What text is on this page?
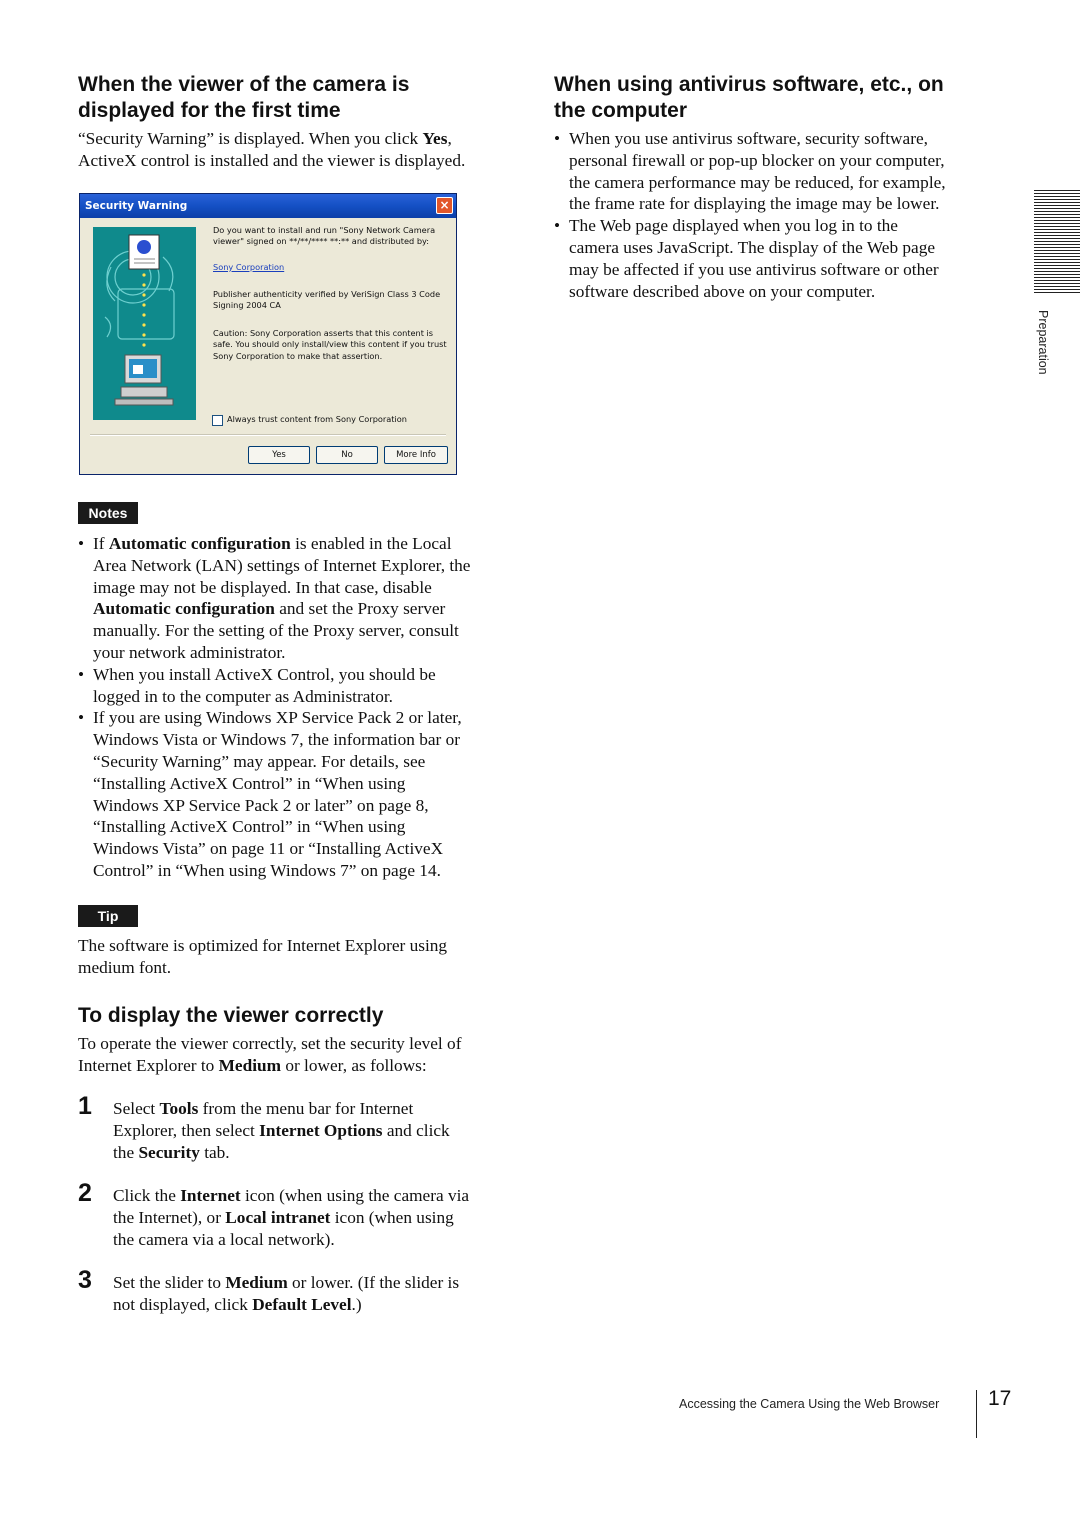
When the viewer of the camera is

displayed for the first time

“Security Warning” is displayed. When you click Yes,
ActiveX control is installed and the viewer is displayed.
Security Warning	×
Do you want to install and run "Sony Network Camera viewer" signed on **/**/**** **:** and distributed by:
Sony Corporation
Publisher authenticity verified by VeriSign Class 3 Code Signing 2004 CA
Caution: Sony Corporation asserts that this content is safe. You should only install/view this content if you trust Sony Corporation to make that assertion.
Always trust content from Sony Corporation
Yes	No	More Info
Notes
• If Automatic configuration is enabled in the Local
Area Network (LAN) settings of Internet Explorer, the
image may not be displayed. In that case, disable
Automatic configuration and set the Proxy server
manually. For the setting of the Proxy server, consult
your network administrator.
• When you install ActiveX Control, you should be
logged in to the computer as Administrator.
• If you are using Windows XP Service Pack 2 or later,
Windows Vista or Windows 7, the information bar or
“Security Warning” may appear. For details, see
“Installing ActiveX Control” in “When using
Windows XP Service Pack 2 or later” on page 8,
“Installing ActiveX Control” in “When using
Windows Vista” on page 11 or “Installing ActiveX
Control” in “When using Windows 7” on page 14.
Tip
The software is optimized for Internet Explorer using
medium font.

To display the viewer correctly

To operate the viewer correctly, set the security level of
Internet Explorer to Medium or lower, as follows:
1 Select Tools from the menu bar for Internet
Explorer, then select Internet Options and click
the Security tab.
2 Click the Internet icon (when using the camera via
the Internet), or Local intranet icon (when using
the camera via a local network).
3 Set the slider to Medium or lower. (If the slider is
not displayed, click Default Level.)

When using antivirus software, etc., on

the computer

• When you use antivirus software, security software,
personal firewall or pop-up blocker on your computer,
the camera performance may be reduced, for example,
the frame rate for displaying the image may be lower.
• The Web page displayed when you log in to the
camera uses JavaScript. The display of the Web page
may be affected if you use antivirus software or other
software described above on your computer.
Preparation
Accessing the Camera Using the Web Browser	17
